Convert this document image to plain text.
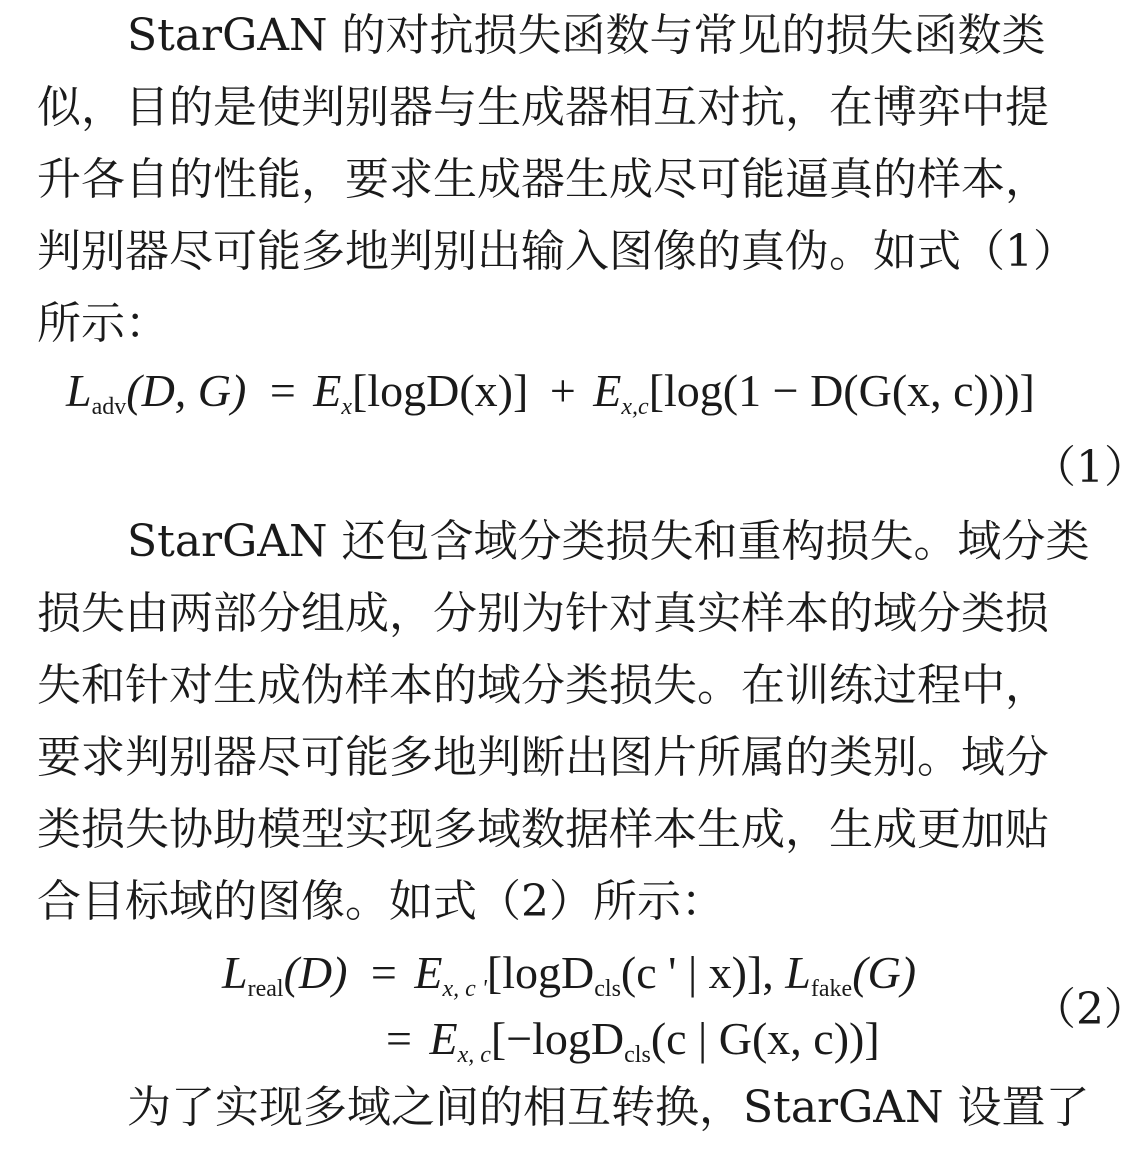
StarGAN 的对抗损失函数与常见的损失函数类
似，目的是使判别器与生成器相互对抗，在博弈中提
升各自的性能，要求生成器生成尽可能逼真的样本，
判别器尽可能多地判别出输入图像的真伪。如式（1）
所示：
$L_{adv}(D$, $G) = E_x[\log D(x)] + E_{x,c}[\log(1 - D(G(x$, c)))]
（1）
StarGAN 还包含域分类损失和重构损失。域分类
损失由两部分组成，分别为针对真实样本的域分类损
失和针对生成伪样本的域分类损失。在训练过程中，
要求判别器尽可能多地判断出图片所属的类别。域分
类损失协助模型实现多域数据样本生成，生成更加贴
合目标域的图像。如式（2）所示：
$L_{real}(D) = E_{x, c '}[\log D_{cls}(c$ ' | x)], $L_{fake}(G)$
= $E_{x, c}[-\log D_{cls}(c$ | G(x, c))]
（2）
为了实现多域之间的相互转换，StarGAN 设置了
